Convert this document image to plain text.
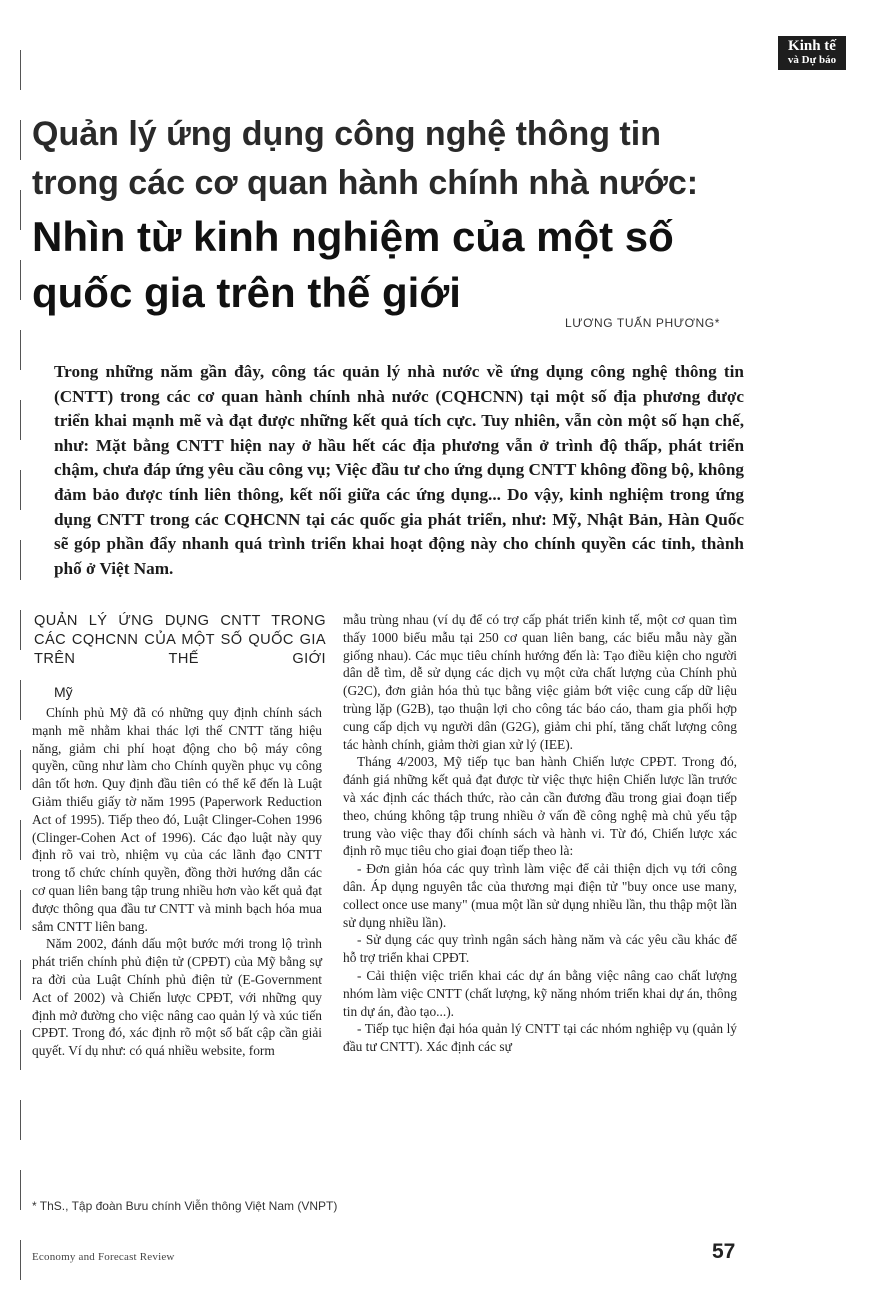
Kinh tế
và Dự báo
Quản lý ứng dụng công nghệ thông tin
trong các cơ quan hành chính nhà nước:
Nhìn từ kinh nghiệm của một số
quốc gia trên thế giới
LƯƠNG TUẤN PHƯƠNG*
Trong những năm gần đây, công tác quản lý nhà nước về ứng dụng công nghệ thông tin (CNTT) trong các cơ quan hành chính nhà nước (CQHCNN) tại một số địa phương được triển khai mạnh mẽ và đạt được những kết quả tích cực. Tuy nhiên, vẫn còn một số hạn chế, như: Mặt bằng CNTT hiện nay ở hầu hết các địa phương vẫn ở trình độ thấp, phát triển chậm, chưa đáp ứng yêu cầu công vụ; Việc đầu tư cho ứng dụng CNTT không đồng bộ, không đảm bảo được tính liên thông, kết nối giữa các ứng dụng... Do vậy, kinh nghiệm trong ứng dụng CNTT trong các CQHCNN tại các quốc gia phát triển, như: Mỹ, Nhật Bản, Hàn Quốc sẽ góp phần đẩy nhanh quá trình triển khai hoạt động này cho chính quyền các tỉnh, thành phố ở Việt Nam.
QUẢN LÝ ỨNG DỤNG CNTT TRONG CÁC CQHCNN CỦA MỘT SỐ QUỐC GIA TRÊN THẾ GIỚI

Chính phủ Mỹ đã có những quy định chính sách mạnh mẽ nhằm khai thác lợi thế CNTT tăng hiệu năng, giảm chi phí hoạt động cho bộ máy công quyền, cũng như làm cho Chính quyền phục vụ công dân tốt hơn. Quy định đầu tiên có thể kể đến là Luật Giảm thiểu giấy tờ năm 1995 (Paperwork Reduction Act of 1995). Tiếp theo đó, Luật Clinger-Cohen 1996 (Clinger-Cohen Act of 1996). Các đạo luật này quy định rõ vai trò, nhiệm vụ của các lãnh đạo CNTT trong tổ chức chính quyền, đồng thời hướng dẫn các cơ quan liên bang tập trung nhiều hơn vào kết quả đạt được thông qua đầu tư CNTT và minh bạch hóa mua sắm CNTT liên bang.

Năm 2002, đánh dấu một bước mới trong lộ trình phát triển chính phủ điện tử (CPĐT) của Mỹ bằng sự ra đời của Luật Chính phủ điện tử (E-Government Act of 2002) và Chiến lược CPĐT, với những quy định mở đường cho việc nâng cao quản lý và xúc tiến CPĐT. Trong đó, xác định rõ một số bất cập cần giải quyết. Ví dụ như: có quá nhiều website, form

Mỹ

mẫu trùng nhau (ví dụ để có trợ cấp phát triển kinh tế, một cơ quan tìm thấy 1000 biểu mẫu tại 250 cơ quan liên bang, các biểu mẫu này gần giống nhau). Các mục tiêu chính hướng đến là: Tạo điều kiện cho người dân dễ tìm, dễ sử dụng các dịch vụ một cửa chất lượng của Chính phủ (G2C), đơn giản hóa thủ tục bằng việc giảm bớt việc cung cấp dữ liệu trùng lặp (G2B), tạo thuận lợi cho công tác báo cáo, tham gia phối hợp cung cấp dịch vụ người dân (G2G), giảm chi phí, tăng chất lượng công tác hành chính, giảm thời gian xử lý (IEE).

Tháng 4/2003, Mỹ tiếp tục ban hành Chiến lược CPĐT. Trong đó, đánh giá những kết quả đạt được từ việc thực hiện Chiến lược lần trước và xác định các thách thức, rào cản cần đương đầu trong giai đoạn tiếp theo, chúng không tập trung nhiều ở vấn đề công nghệ mà chủ yếu tập trung vào việc thay đổi chính sách và hành vi. Từ đó, Chiến lược xác định rõ mục tiêu cho giai đoạn tiếp theo là:

- Đơn giản hóa các quy trình làm việc để cải thiện dịch vụ tới công dân. Áp dụng nguyên tắc của thương mại điện tử "buy once use many, collect once use many" (mua một lần sử dụng nhiều lần, thu thập một lần sử dụng nhiều lần).

- Sử dụng các quy trình ngân sách hàng năm và các yêu cầu khác để hỗ trợ triển khai CPĐT.

- Cải thiện việc triển khai các dự án bằng việc nâng cao chất lượng nhóm làm việc CNTT (chất lượng, kỹ năng nhóm triển khai dự án, thông tin dự án, đào tạo...).

- Tiếp tục hiện đại hóa quản lý CNTT tại các nhóm nghiệp vụ (quản lý đầu tư CNTT). Xác định các sự

* ThS., Tập đoàn Bưu chính Viễn thông Việt Nam (VNPT)
Economy and Forecast Review	57
